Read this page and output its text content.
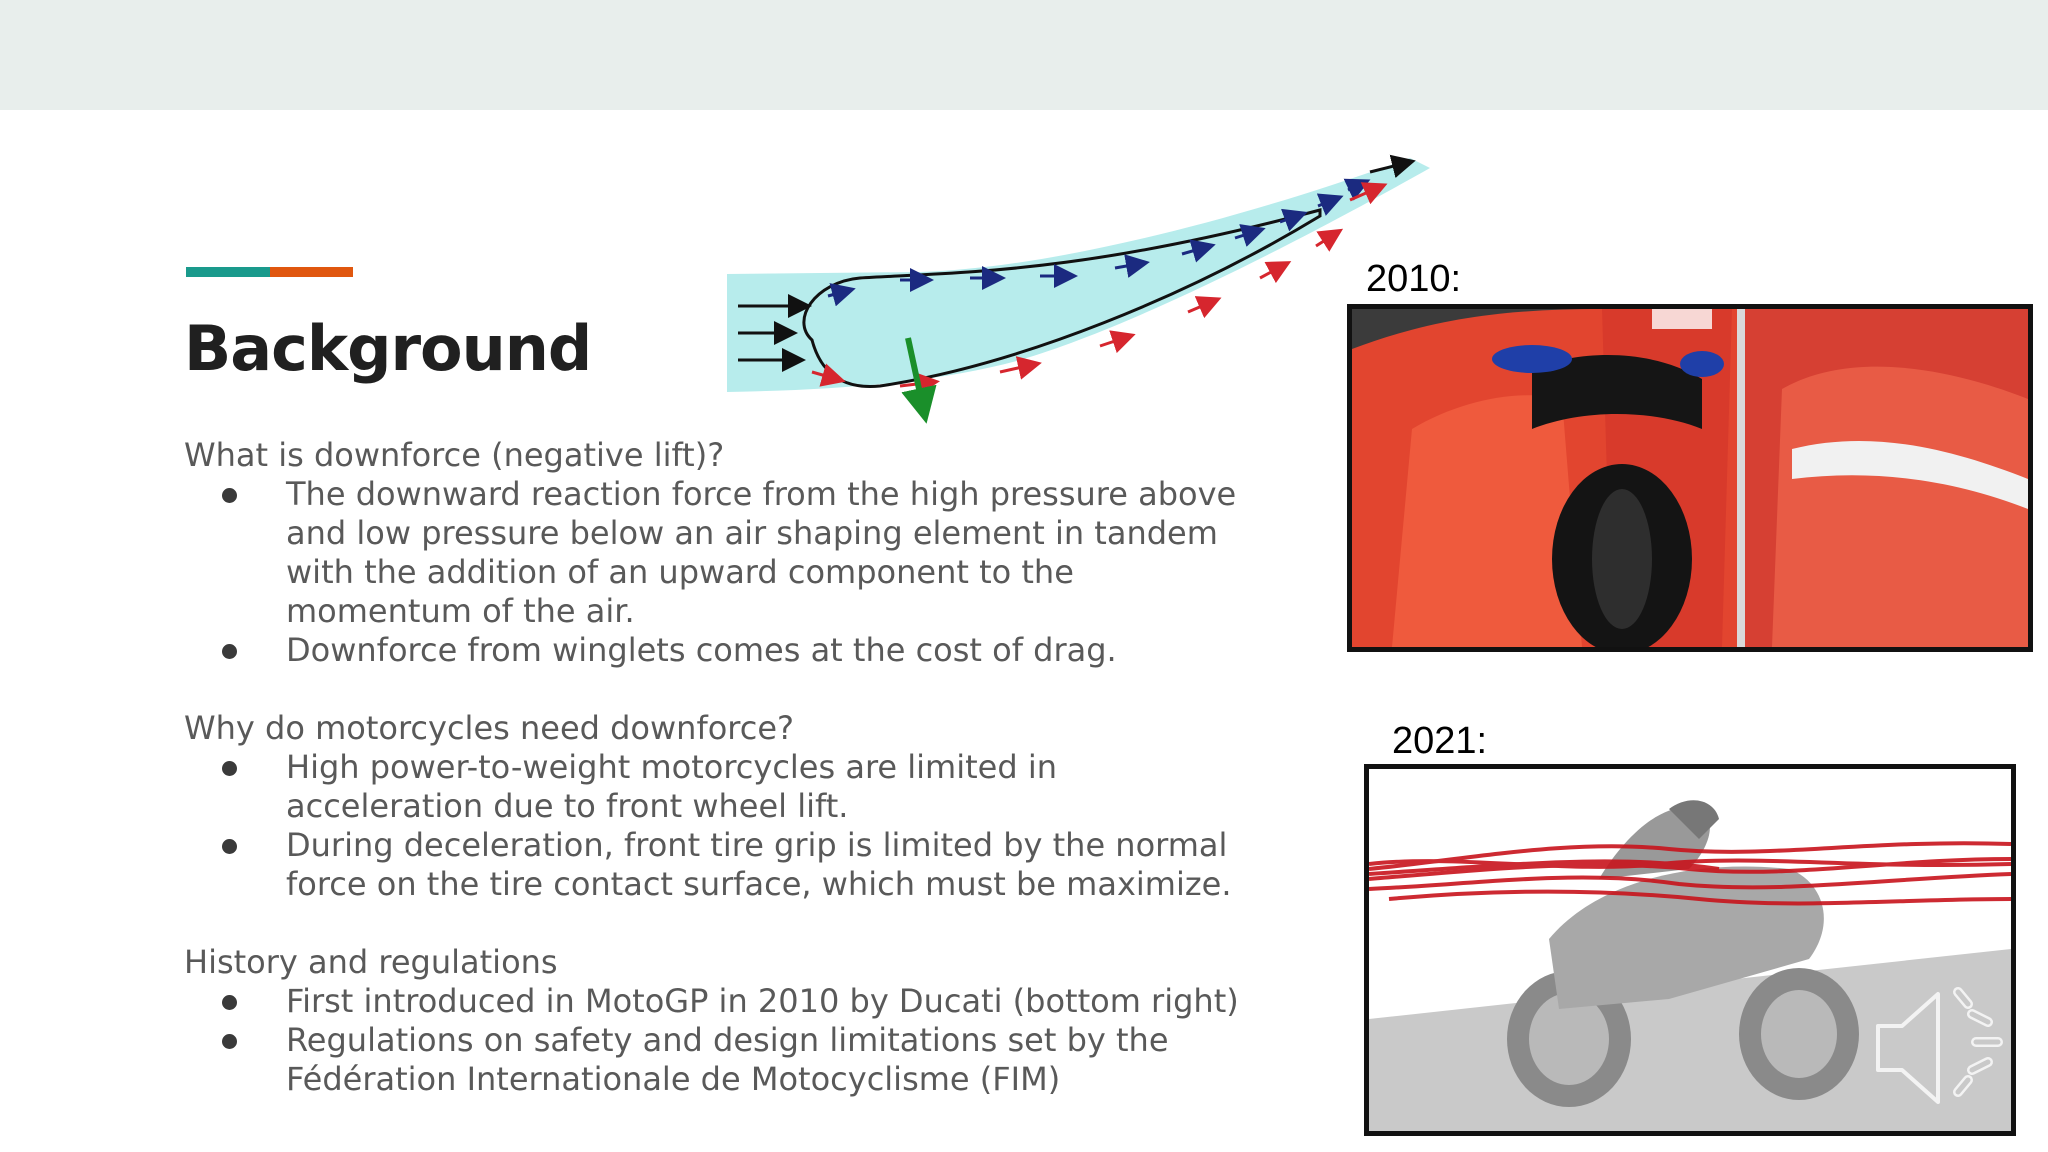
Background

What is downforce (negative lift)?

The downward reaction force from the high pressure above and low pressure below an air shaping element in tandem with the addition of an upward component to the momentum of the air.
Downforce from winglets comes at the cost of drag.

Why do motorcycles need downforce?

High power-to-weight motorcycles are limited in acceleration due to front wheel lift.
During deceleration, front tire grip is limited by the normal force on the tire contact surface, which must be maximize.

History and regulations

First introduced in MotoGP in 2010 by Ducati (bottom right)
Regulations on safety and design limitations set by the Fédération Internationale de Motocyclisme (FIM)
2010:
2021:
